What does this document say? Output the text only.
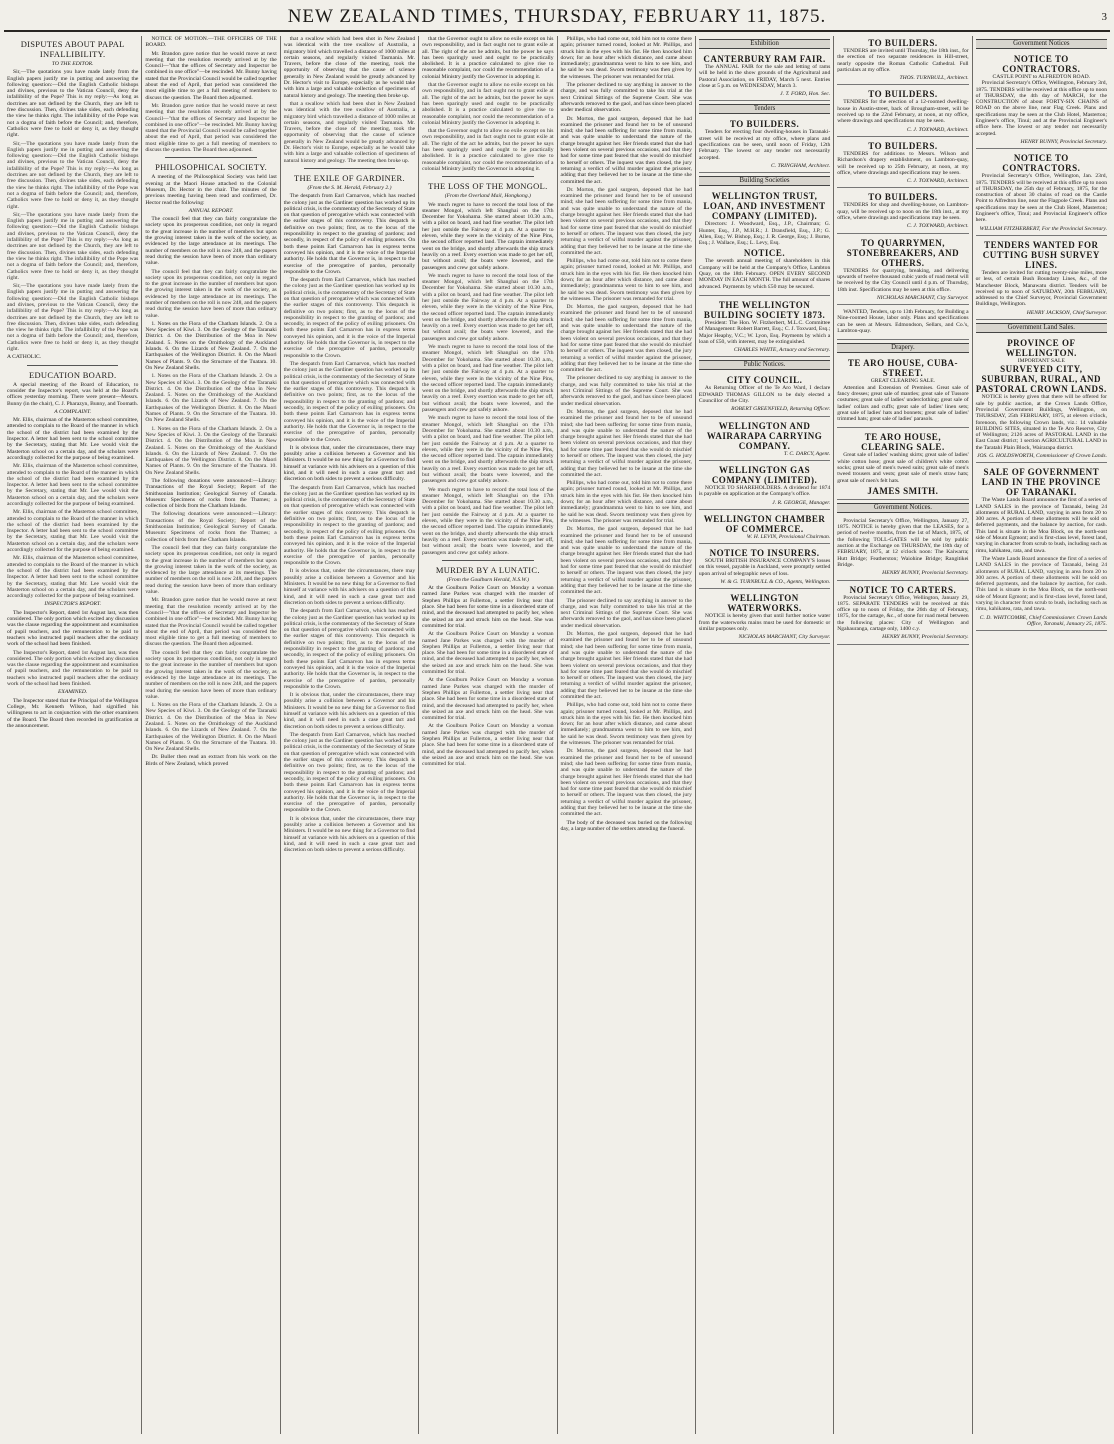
NEW ZEALAND TIMES, THURSDAY, FEBRUARY 11, 1875.	3
DISPUTES ABOUT PAPAL INFALLIBILITY.
TO THE EDITOR.

Sir,—The quotations you have made lately from the English papers justify me in putting and answering the following question:—Did the English Catholic bishops and divines, previous to the Vatican Council, deny the infallibility of the Pope? This is my reply:—As long as doctrines are not defined by the Church, they are left to free discussion. Then, divines take sides, each defending the view he thinks right. The infallibility of the Pope was not a dogma of faith before the Council; and, therefore, Catholics were free to hold or deny it, as they thought right.

Sir,—The quotations you have made lately from the English papers justify me in putting and answering the following question:—Did the English Catholic bishops and divines, previous to the Vatican Council, deny the infallibility of the Pope? This is my reply:—As long as doctrines are not defined by the Church, they are left to free discussion. Then, divines take sides, each defending the view he thinks right. The infallibility of the Pope was not a dogma of faith before the Council; and, therefore, Catholics were free to hold or deny it, as they thought right.

Sir,—The quotations you have made lately from the English papers justify me in putting and answering the following question:—Did the English Catholic bishops and divines, previous to the Vatican Council, deny the infallibility of the Pope? This is my reply:—As long as doctrines are not defined by the Church, they are left to free discussion. Then, divines take sides, each defending the view he thinks right. The infallibility of the Pope was not a dogma of faith before the Council; and, therefore, Catholics were free to hold or deny it, as they thought right.

Sir,—The quotations you have made lately from the English papers justify me in putting and answering the following question:—Did the English Catholic bishops and divines, previous to the Vatican Council, deny the infallibility of the Pope? This is my reply:—As long as doctrines are not defined by the Church, they are left to free discussion. Then, divines take sides, each defending the view he thinks right. The infallibility of the Pope was not a dogma of faith before the Council; and, therefore, Catholics were free to hold or deny it, as they thought right.

A CATHOLIC.
EDUCATION BOARD.

A special meeting of the Board of Education, to consider the Inspector's report, was held at the Board's offices yesterday morning. There were present—Messrs. Bunny (in the chair), C. J. Pharazyn, Bunny, and Toomath.

A COMPLAINT.

Mr. Ellis, chairman of the Masterton school committee, attended to complain to the Board of the manner in which the school of the district had been examined by the Inspector. A letter had been sent to the school committee by the Secretary, stating that Mr. Lee would visit the Masterton school on a certain day, and the scholars were accordingly collected for the purpose of being examined.

Mr. Ellis, chairman of the Masterton school committee, attended to complain to the Board of the manner in which the school of the district had been examined by the Inspector. A letter had been sent to the school committee by the Secretary, stating that Mr. Lee would visit the Masterton school on a certain day, and the scholars were accordingly collected for the purpose of being examined.

Mr. Ellis, chairman of the Masterton school committee, attended to complain to the Board of the manner in which the school of the district had been examined by the Inspector. A letter had been sent to the school committee by the Secretary, stating that Mr. Lee would visit the Masterton school on a certain day, and the scholars were accordingly collected for the purpose of being examined.

Mr. Ellis, chairman of the Masterton school committee, attended to complain to the Board of the manner in which the school of the district had been examined by the Inspector. A letter had been sent to the school committee by the Secretary, stating that Mr. Lee would visit the Masterton school on a certain day, and the scholars were accordingly collected for the purpose of being examined.

INSPECTOR'S REPORT.

The Inspector's Report, dated 1st August last, was then considered. The only portion which excited any discussion was the clause regarding the appointment and examination of pupil teachers, and the remuneration to be paid to teachers who instructed pupil teachers after the ordinary work of the school had been finished.

The Inspector's Report, dated 1st August last, was then considered. The only portion which excited any discussion was the clause regarding the appointment and examination of pupil teachers, and the remuneration to be paid to teachers who instructed pupil teachers after the ordinary work of the school had been finished.

EXAMINED.

The Inspector stated that the Principal of the Wellington College, Mr. Kenneth Wilson, had signified his willingness to act in conjunction with the other examiners of the Board. The Board then recorded its gratification at the announcement.

NOTICE OF MOTION.—THE OFFICERS OF THE BOARD.

Mr. Brandon gave notice that he would move at next meeting that the resolution recently arrived at by the Council—"that the offices of Secretary and Inspector be combined in one office"—be rescinded. Mr. Bunny having stated that the Provincial Council would be called together about the end of April, that period was considered the most eligible time to get a full meeting of members to discuss the question. The Board then adjourned.

Mr. Brandon gave notice that he would move at next meeting that the resolution recently arrived at by the Council—"that the offices of Secretary and Inspector be combined in one office"—be rescinded. Mr. Bunny having stated that the Provincial Council would be called together about the end of April, that period was considered the most eligible time to get a full meeting of members to discuss the question. The Board then adjourned.

PHILOSOPHICAL SOCIETY.

A meeting of the Philosophical Society was held last evening at the Maori House attached to the Colonial Museum, Dr. Hector in the chair. The minutes of the previous meeting having been read and confirmed, Dr. Hector read the following:

ANNUAL REPORT.

The council feel that they can fairly congratulate the society upon its prosperous condition, not only in regard to the great increase in the number of members but upon the growing interest taken in the work of the society, as evidenced by the large attendance at its meetings. The number of members on the roll is now 248, and the papers read during the session have been of more than ordinary value.

The council feel that they can fairly congratulate the society upon its prosperous condition, not only in regard to the great increase in the number of members but upon the growing interest taken in the work of the society, as evidenced by the large attendance at its meetings. The number of members on the roll is now 248, and the papers read during the session have been of more than ordinary value.

1. Notes on the Flora of the Chatham Islands. 2. On a New Species of Kiwi. 3. On the Geology of the Taranaki District. 4. On the Distribution of the Moa in New Zealand. 5. Notes on the Ornithology of the Auckland Islands. 6. On the Lizards of New Zealand. 7. On the Earthquakes of the Wellington District. 8. On the Maori Names of Plants. 9. On the Structure of the Tuatara. 10. On New Zealand Shells.

1. Notes on the Flora of the Chatham Islands. 2. On a New Species of Kiwi. 3. On the Geology of the Taranaki District. 4. On the Distribution of the Moa in New Zealand. 5. Notes on the Ornithology of the Auckland Islands. 6. On the Lizards of New Zealand. 7. On the Earthquakes of the Wellington District. 8. On the Maori Names of Plants. 9. On the Structure of the Tuatara. 10. On New Zealand Shells.

1. Notes on the Flora of the Chatham Islands. 2. On a New Species of Kiwi. 3. On the Geology of the Taranaki District. 4. On the Distribution of the Moa in New Zealand. 5. Notes on the Ornithology of the Auckland Islands. 6. On the Lizards of New Zealand. 7. On the Earthquakes of the Wellington District. 8. On the Maori Names of Plants. 9. On the Structure of the Tuatara. 10. On New Zealand Shells.

The following donations were announced:—Library: Transactions of the Royal Society; Report of the Smithsonian Institution; Geological Survey of Canada. Museum: Specimens of rocks from the Thames; a collection of birds from the Chatham Islands.

The following donations were announced:—Library: Transactions of the Royal Society; Report of the Smithsonian Institution; Geological Survey of Canada. Museum: Specimens of rocks from the Thames; a collection of birds from the Chatham Islands.

The council feel that they can fairly congratulate the society upon its prosperous condition, not only in regard to the great increase in the number of members but upon the growing interest taken in the work of the society, as evidenced by the large attendance at its meetings. The number of members on the roll is now 248, and the papers read during the session have been of more than ordinary value.

Mr. Brandon gave notice that he would move at next meeting that the resolution recently arrived at by the Council—"that the offices of Secretary and Inspector be combined in one office"—be rescinded. Mr. Bunny having stated that the Provincial Council would be called together about the end of April, that period was considered the most eligible time to get a full meeting of members to discuss the question. The Board then adjourned.

The council feel that they can fairly congratulate the society upon its prosperous condition, not only in regard to the great increase in the number of members but upon the growing interest taken in the work of the society, as evidenced by the large attendance at its meetings. The number of members on the roll is now 248, and the papers read during the session have been of more than ordinary value.

1. Notes on the Flora of the Chatham Islands. 2. On a New Species of Kiwi. 3. On the Geology of the Taranaki District. 4. On the Distribution of the Moa in New Zealand. 5. Notes on the Ornithology of the Auckland Islands. 6. On the Lizards of New Zealand. 7. On the Earthquakes of the Wellington District. 8. On the Maori Names of Plants. 9. On the Structure of the Tuatara. 10. On New Zealand Shells.

Dr. Buller then read an extract from his work on the Birds of New Zealand, which proved

that a swallow which had been shot in New Zealand was identical with the tree swallow of Australia, a migratory bird which travelled a distance of 1000 miles at certain seasons, and regularly visited Tasmania. Mr. Travers, before the close of the meeting, took the opportunity of observing that the cause of science generally in New Zealand would be greatly advanced by Dr. Hector's visit to Europe, especially as he would take with him a large and valuable collection of specimens of natural history and geology. The meeting then broke up.

that a swallow which had been shot in New Zealand was identical with the tree swallow of Australia, a migratory bird which travelled a distance of 1000 miles at certain seasons, and regularly visited Tasmania. Mr. Travers, before the close of the meeting, took the opportunity of observing that the cause of science generally in New Zealand would be greatly advanced by Dr. Hector's visit to Europe, especially as he would take with him a large and valuable collection of specimens of natural history and geology. The meeting then broke up.

THE EXILE OF GARDINER.
(From the S. M. Herald, February 2.)

The despatch from Earl Carnarvon, which has reached the colony just as the Gardiner question has worked up its political crisis, is the commentary of the Secretary of State on that question of prerogative which was connected with the earlier stages of this controversy. This despatch is definitive on two points; first, as to the locus of the responsibility in respect to the granting of pardons; and secondly, in respect of the policy of exiling prisoners. On both these points Earl Carnarvon has in express terms conveyed his opinion, and it is the voice of the Imperial authority. He holds that the Governor is, in respect to the exercise of the prerogative of pardon, personally responsible to the Crown.

The despatch from Earl Carnarvon, which has reached the colony just as the Gardiner question has worked up its political crisis, is the commentary of the Secretary of State on that question of prerogative which was connected with the earlier stages of this controversy. This despatch is definitive on two points; first, as to the locus of the responsibility in respect to the granting of pardons; and secondly, in respect of the policy of exiling prisoners. On both these points Earl Carnarvon has in express terms conveyed his opinion, and it is the voice of the Imperial authority. He holds that the Governor is, in respect to the exercise of the prerogative of pardon, personally responsible to the Crown.

The despatch from Earl Carnarvon, which has reached the colony just as the Gardiner question has worked up its political crisis, is the commentary of the Secretary of State on that question of prerogative which was connected with the earlier stages of this controversy. This despatch is definitive on two points; first, as to the locus of the responsibility in respect to the granting of pardons; and secondly, in respect of the policy of exiling prisoners. On both these points Earl Carnarvon has in express terms conveyed his opinion, and it is the voice of the Imperial authority. He holds that the Governor is, in respect to the exercise of the prerogative of pardon, personally responsible to the Crown.

It is obvious that, under the circumstances, there may possibly arise a collision between a Governor and his Ministers. It would be no new thing for a Governor to find himself at variance with his advisers on a question of this kind, and it will need in such a case great tact and discretion on both sides to prevent a serious difficulty.

The despatch from Earl Carnarvon, which has reached the colony just as the Gardiner question has worked up its political crisis, is the commentary of the Secretary of State on that question of prerogative which was connected with the earlier stages of this controversy. This despatch is definitive on two points; first, as to the locus of the responsibility in respect to the granting of pardons; and secondly, in respect of the policy of exiling prisoners. On both these points Earl Carnarvon has in express terms conveyed his opinion, and it is the voice of the Imperial authority. He holds that the Governor is, in respect to the exercise of the prerogative of pardon, personally responsible to the Crown.

It is obvious that, under the circumstances, there may possibly arise a collision between a Governor and his Ministers. It would be no new thing for a Governor to find himself at variance with his advisers on a question of this kind, and it will need in such a case great tact and discretion on both sides to prevent a serious difficulty.

The despatch from Earl Carnarvon, which has reached the colony just as the Gardiner question has worked up its political crisis, is the commentary of the Secretary of State on that question of prerogative which was connected with the earlier stages of this controversy. This despatch is definitive on two points; first, as to the locus of the responsibility in respect to the granting of pardons; and secondly, in respect of the policy of exiling prisoners. On both these points Earl Carnarvon has in express terms conveyed his opinion, and it is the voice of the Imperial authority. He holds that the Governor is, in respect to the exercise of the prerogative of pardon, personally responsible to the Crown.

It is obvious that, under the circumstances, there may possibly arise a collision between a Governor and his Ministers. It would be no new thing for a Governor to find himself at variance with his advisers on a question of this kind, and it will need in such a case great tact and discretion on both sides to prevent a serious difficulty.

The despatch from Earl Carnarvon, which has reached the colony just as the Gardiner question has worked up its political crisis, is the commentary of the Secretary of State on that question of prerogative which was connected with the earlier stages of this controversy. This despatch is definitive on two points; first, as to the locus of the responsibility in respect to the granting of pardons; and secondly, in respect of the policy of exiling prisoners. On both these points Earl Carnarvon has in express terms conveyed his opinion, and it is the voice of the Imperial authority. He holds that the Governor is, in respect to the exercise of the prerogative of pardon, personally responsible to the Crown.

It is obvious that, under the circumstances, there may possibly arise a collision between a Governor and his Ministers. It would be no new thing for a Governor to find himself at variance with his advisers on a question of this kind, and it will need in such a case great tact and discretion on both sides to prevent a serious difficulty.

that the Governor ought to allow no exile except on his own responsibility, and in fact ought not to grant exile at all. The right of the act he admits, but the power he says has been sparingly used and ought to be practically abolished. It is a practice calculated to give rise to reasonable complaint, nor could the recommendation of a colonial Ministry justify the Governor in adopting it.

that the Governor ought to allow no exile except on his own responsibility, and in fact ought not to grant exile at all. The right of the act he admits, but the power he says has been sparingly used and ought to be practically abolished. It is a practice calculated to give rise to reasonable complaint, nor could the recommendation of a colonial Ministry justify the Governor in adopting it.

that the Governor ought to allow no exile except on his own responsibility, and in fact ought not to grant exile at all. The right of the act he admits, but the power he says has been sparingly used and ought to be practically abolished. It is a practice calculated to give rise to reasonable complaint, nor could the recommendation of a colonial Ministry justify the Governor in adopting it.

THE LOSS OF THE MONGOL.
(From the Overland Mail, Hongkong.)

We much regret to have to record the total loss of the steamer Mongol, which left Shanghai on the 17th December for Yokohama. She started about 10.30 a.m., with a pilot on board, and had fine weather. The pilot left her just outside the Fairway at 4 p.m. At a quarter to eleven, while they were in the vicinity of the Nine Pins, the second officer reported land. The captain immediately went on the bridge, and shortly afterwards the ship struck heavily on a reef. Every exertion was made to get her off, but without avail; the boats were lowered, and the passengers and crew got safely ashore.

We much regret to have to record the total loss of the steamer Mongol, which left Shanghai on the 17th December for Yokohama. She started about 10.30 a.m., with a pilot on board, and had fine weather. The pilot left her just outside the Fairway at 4 p.m. At a quarter to eleven, while they were in the vicinity of the Nine Pins, the second officer reported land. The captain immediately went on the bridge, and shortly afterwards the ship struck heavily on a reef. Every exertion was made to get her off, but without avail; the boats were lowered, and the passengers and crew got safely ashore.

We much regret to have to record the total loss of the steamer Mongol, which left Shanghai on the 17th December for Yokohama. She started about 10.30 a.m., with a pilot on board, and had fine weather. The pilot left her just outside the Fairway at 4 p.m. At a quarter to eleven, while they were in the vicinity of the Nine Pins, the second officer reported land. The captain immediately went on the bridge, and shortly afterwards the ship struck heavily on a reef. Every exertion was made to get her off, but without avail; the boats were lowered, and the passengers and crew got safely ashore.

We much regret to have to record the total loss of the steamer Mongol, which left Shanghai on the 17th December for Yokohama. She started about 10.30 a.m., with a pilot on board, and had fine weather. The pilot left her just outside the Fairway at 4 p.m. At a quarter to eleven, while they were in the vicinity of the Nine Pins, the second officer reported land. The captain immediately went on the bridge, and shortly afterwards the ship struck heavily on a reef. Every exertion was made to get her off, but without avail; the boats were lowered, and the passengers and crew got safely ashore.

We much regret to have to record the total loss of the steamer Mongol, which left Shanghai on the 17th December for Yokohama. She started about 10.30 a.m., with a pilot on board, and had fine weather. The pilot left her just outside the Fairway at 4 p.m. At a quarter to eleven, while they were in the vicinity of the Nine Pins, the second officer reported land. The captain immediately went on the bridge, and shortly afterwards the ship struck heavily on a reef. Every exertion was made to get her off, but without avail; the boats were lowered, and the passengers and crew got safely ashore.

MURDER BY A LUNATIC.
(From the Goulburn Herald, N.S.W.)

At the Goulburn Police Court on Monday a woman named Jane Parkes was charged with the murder of Stephen Phillips at Fullerton, a settler living near that place. She had been for some time in a disordered state of mind, and the deceased had attempted to pacify her, when she seized an axe and struck him on the head. She was committed for trial.

At the Goulburn Police Court on Monday a woman named Jane Parkes was charged with the murder of Stephen Phillips at Fullerton, a settler living near that place. She had been for some time in a disordered state of mind, and the deceased had attempted to pacify her, when she seized an axe and struck him on the head. She was committed for trial.

At the Goulburn Police Court on Monday a woman named Jane Parkes was charged with the murder of Stephen Phillips at Fullerton, a settler living near that place. She had been for some time in a disordered state of mind, and the deceased had attempted to pacify her, when she seized an axe and struck him on the head. She was committed for trial.

At the Goulburn Police Court on Monday a woman named Jane Parkes was charged with the murder of Stephen Phillips at Fullerton, a settler living near that place. She had been for some time in a disordered state of mind, and the deceased had attempted to pacify her, when she seized an axe and struck him on the head. She was committed for trial.

Phillips, who had come out, told him not to come there again; prisoner turned round, looked at Mr. Phillips, and struck him in the eyes with his fist. He then knocked him down; for an hour after which distance, and came about immediately; grandmamma went to him to see him, and he said he was dead. Sworn testimony was then given by the witnesses. The prisoner was remanded for trial.

The prisoner declined to say anything in answer to the charge, and was fully committed to take his trial at the next Criminal Sittings of the Supreme Court. She was afterwards removed to the gaol, and has since been placed under medical observation.

Dr. Morton, the gaol surgeon, deposed that he had examined the prisoner and found her to be of unsound mind; she had been suffering for some time from mania, and was quite unable to understand the nature of the charge brought against her. Her friends stated that she had been violent on several previous occasions, and that they had for some time past feared that she would do mischief to herself or others. The inquest was then closed, the jury returning a verdict of wilful murder against the prisoner, adding that they believed her to be insane at the time she committed the act.

Dr. Morton, the gaol surgeon, deposed that he had examined the prisoner and found her to be of unsound mind; she had been suffering for some time from mania, and was quite unable to understand the nature of the charge brought against her. Her friends stated that she had been violent on several previous occasions, and that they had for some time past feared that she would do mischief to herself or others. The inquest was then closed, the jury returning a verdict of wilful murder against the prisoner, adding that they believed her to be insane at the time she committed the act.

Phillips, who had come out, told him not to come there again; prisoner turned round, looked at Mr. Phillips, and struck him in the eyes with his fist. He then knocked him down; for an hour after which distance, and came about immediately; grandmamma went to him to see him, and he said he was dead. Sworn testimony was then given by the witnesses. The prisoner was remanded for trial.

Dr. Morton, the gaol surgeon, deposed that he had examined the prisoner and found her to be of unsound mind; she had been suffering for some time from mania, and was quite unable to understand the nature of the charge brought against her. Her friends stated that she had been violent on several previous occasions, and that they had for some time past feared that she would do mischief to herself or others. The inquest was then closed, the jury returning a verdict of wilful murder against the prisoner, adding that they believed her to be insane at the time she committed the act.

The prisoner declined to say anything in answer to the charge, and was fully committed to take his trial at the next Criminal Sittings of the Supreme Court. She was afterwards removed to the gaol, and has since been placed under medical observation.

Dr. Morton, the gaol surgeon, deposed that he had examined the prisoner and found her to be of unsound mind; she had been suffering for some time from mania, and was quite unable to understand the nature of the charge brought against her. Her friends stated that she had been violent on several previous occasions, and that they had for some time past feared that she would do mischief to herself or others. The inquest was then closed, the jury returning a verdict of wilful murder against the prisoner, adding that they believed her to be insane at the time she committed the act.

Phillips, who had come out, told him not to come there again; prisoner turned round, looked at Mr. Phillips, and struck him in the eyes with his fist. He then knocked him down; for an hour after which distance, and came about immediately; grandmamma went to him to see him, and he said he was dead. Sworn testimony was then given by the witnesses. The prisoner was remanded for trial.

Dr. Morton, the gaol surgeon, deposed that he had examined the prisoner and found her to be of unsound mind; she had been suffering for some time from mania, and was quite unable to understand the nature of the charge brought against her. Her friends stated that she had been violent on several previous occasions, and that they had for some time past feared that she would do mischief to herself or others. The inquest was then closed, the jury returning a verdict of wilful murder against the prisoner, adding that they believed her to be insane at the time she committed the act.

The prisoner declined to say anything in answer to the charge, and was fully committed to take his trial at the next Criminal Sittings of the Supreme Court. She was afterwards removed to the gaol, and has since been placed under medical observation.

Dr. Morton, the gaol surgeon, deposed that he had examined the prisoner and found her to be of unsound mind; she had been suffering for some time from mania, and was quite unable to understand the nature of the charge brought against her. Her friends stated that she had been violent on several previous occasions, and that they had for some time past feared that she would do mischief to herself or others. The inquest was then closed, the jury returning a verdict of wilful murder against the prisoner, adding that they believed her to be insane at the time she committed the act.

Phillips, who had come out, told him not to come there again; prisoner turned round, looked at Mr. Phillips, and struck him in the eyes with his fist. He then knocked him down; for an hour after which distance, and came about immediately; grandmamma went to him to see him, and he said he was dead. Sworn testimony was then given by the witnesses. The prisoner was remanded for trial.

Dr. Morton, the gaol surgeon, deposed that he had examined the prisoner and found her to be of unsound mind; she had been suffering for some time from mania, and was quite unable to understand the nature of the charge brought against her. Her friends stated that she had been violent on several previous occasions, and that they had for some time past feared that she would do mischief to herself or others. The inquest was then closed, the jury returning a verdict of wilful murder against the prisoner, adding that they believed her to be insane at the time she committed the act.

The body of the deceased was buried on the following day, a large number of the settlers attending the funeral.

Exhibition
CANTERBURY RAM FAIR.

The ANNUAL FAIR for the sale and letting of rams will be held in the show grounds of the Agricultural and Pastoral Association, on FRIDAY, March 5 next. Entries close at 5 p.m. on WEDNESDAY, March 3.

J. T. FORD, Hon. Sec.
Tenders
TO BUILDERS.

Tenders for erecting four dwelling-houses in Taranaki-street will be received at my office, where plans and specifications can be seen, until noon of Friday, 12th February. The lowest or any tender not necessarily accepted.

C. TRINGHAM, Architect.
Building Societies
WELLINGTON TRUST, LOAN, AND INVESTMENT COMPANY (LIMITED).

Directors: J. Woodward, Esq., J.P., Chairman; G. Hunter, Esq., J.P., M.H.R.; J. Dransfield, Esq., J.P.; G. Allen, Esq.; W. Bishop, Esq.; J. R. George, Esq.; J. Burne, Esq.; J. Wallace, Esq.; L. Levy, Esq.

NOTICE.

The seventh annual meeting of shareholders in this Company will be held at the Company's Office, Lambton Quay, on the 18th February. OPEN EVERY SECOND MONDAY IN EACH MONTH. The full amount of shares advanced. Payments by which £50 may be secured.

THE WELLINGTON BUILDING SOCIETY 1873.

President: The Hon. W. Fitzherbert, M.L.C. Committee of Management: Robert Barrett, Esq.; C. J. Toxward, Esq.; Major Heaphy, V.C.; W. Lyon, Esq. Payments by which a loan of £50, with interest, may be extinguished.

CHARLES WHITE, Actuary and Secretary.
Public Notices.
CITY COUNCIL.

As Returning Officer of the Te Aro Ward, I declare EDWARD THOMAS GILLON to be duly elected a Councillor of the City.

ROBERT GREENFIELD, Returning Officer.
WELLINGTON AND WAIRARAPA CARRYING COMPANY.
T. C. DARCY, Agent.
WELLINGTON GAS COMPANY (LIMITED).

NOTICE TO SHAREHOLDERS. A dividend for 1874 is payable on application at the Company's office.

J. R. GEORGE, Manager.
WELLINGTON CHAMBER OF COMMERCE.
W. H. LEVIN, Provisional Chairman.
NOTICE TO INSURERS.

SOUTH BRITISH INSURANCE COMPANY'S losses on this vessel, payable in Auckland, were promptly settled upon arrival of telegraphic news of loss.

W. & G. TURNBULL & CO., Agents, Wellington.
WELLINGTON WATERWORKS.

NOTICE is hereby given that until further notice water from the waterworks mains must be used for domestic or similar purposes only.

NICHOLAS MARCHANT, City Surveyor.
TO BUILDERS.

TENDERS are invited until Thursday, the 18th inst., for the erection of two separate residences in Hill-street, nearly opposite the Roman Catholic Cathedral. Full particulars at my office.

THOS. TURNBULL, Architect.
TO BUILDERS.

TENDERS for the erection of a 12-roomed dwelling-house in Austin-street, back of Brougham-street, will be received up to the 22nd February, at noon, at my office, where drawings and specifications may be seen.

C. J. TOXWARD, Architect.
TO BUILDERS.

TENDERS for additions to Messrs. Wilson and Richardson's drapery establishment, on Lambton-quay, will be received up to 25th February, at noon, at my office, where drawings and specifications may be seen.

C. J. TOXWARD, Architect.
TO BUILDERS.

TENDERS for shop and dwelling-house, on Lambton-quay, will be received up to noon on the 18th inst., at my office, where drawings and specifications may be seen.

C. J. TOXWARD, Architect.
TO QUARRYMEN, STONEBREAKERS, AND OTHERS.

TENDERS for quarrying, breaking, and delivering upwards of twelve thousand cubic yards of road metal will be received by the City Council until 4 p.m. of Thursday, 18th inst. Specifications may be seen at this office.

NICHOLAS MARCHANT, City Surveyor.

WANTED, Tenders, up to 13th February, for Building a Nine-roomed House, labor only. Plans and specifications can be seen at Messrs. Edmondson, Sellars, and Co.'s, Lambton-quay.

Drapery.
TE ARO HOUSE, CUBA-STREET.
GREAT CLEARING SALE.

Attention and Extension of Premises. Great sale of fancy dresses; great sale of mantles; great sale of Tussore costumes; great sale of ladies' underclothing; great sale of ladies' collars and cuffs; great sale of ladies' linen sets; great sale of ladies' hats and bonnets; great sale of ladies' trimmed hats; great sale of ladies' parasols.

TE ARO HOUSE, CLEARING SALE.

Great sale of ladies' washing skirts; great sale of ladies' white cotton hose; great sale of children's white cotton socks; great sale of men's tweed suits; great sale of men's tweed trousers and vests; great sale of men's straw hats; great sale of men's felt hats.

JAMES SMITH.
Government Notices.

Provincial Secretary's Office, Wellington, January 27, 1875. NOTICE is hereby given that the LEASES, for a period of twelve months, from the 1st of March, 1875, of the following TOLL-GATES will be sold by public auction at the Exchange on THURSDAY, the 18th day of FEBRUARY, 1875, at 12 o'clock noon: The Kaiwarra; Hutt Bridge; Featherston; Waiohine Bridge; Rangitikei Bridge.

HENRY BUNNY, Provincial Secretary.
NOTICE TO CARTERS.

Provincial Secretary's Office, Wellington, January 29, 1875. SEPARATE TENDERS will be received at this office up to noon of Friday, the 26th day of February, 1875, for the cartage, &c., of stone for road metal between the following places: City of Wellington and Ngahauranga, cartage only, 1400 c.y.

HENRY BUNNY, Provincial Secretary.
Government Notices
NOTICE TO CONTRACTORS.
CASTLE POINT to ALFREDTON ROAD.

Provincial Secretary's Office, Wellington, February 3rd, 1875. TENDERS will be received at this office up to noon of THURSDAY, the 4th day of MARCH, for the CONSTRUCTION of about FORTY-SIX CHAINS of ROAD on the above line, near Flag Creek. Plans and specifications may be seen at the Club Hotel, Masterton; Engineer's office, Tinui; and at the Provincial Engineer's office here. The lowest or any tender not necessarily accepted.

HENRY BUNNY, Provincial Secretary.
NOTICE TO CONTRACTORS.

Provincial Secretary's Office, Wellington, Jan. 23rd, 1875. TENDERS will be received at this office up to noon of THURSDAY, the 25th day of February, 1875, for the construction of about 30 chains of road on the Castle Point to Alfredton line, near the Flagpole Creek. Plans and specifications may be seen at the Club Hotel, Masterton; Engineer's office, Tinui; and Provincial Engineer's office here.

WILLIAM FITZHERBERT, For the Provincial Secretary.
TENDERS WANTED FOR CUTTING BUSH SURVEY LINES.

Tenders are invited for cutting twenty-nine miles, more or less, of certain Bush Boundary Lines, &c., of the Manchester Block, Manawatu district. Tenders will be received up to noon of SATURDAY, 20th FEBRUARY, addressed to the Chief Surveyor, Provincial Government Buildings, Wellington.

HENRY JACKSON, Chief Surveyor.
Government Land Sales.
PROVINCE OF WELLINGTON.
IMPORTANT SALE
SURVEYED CITY, SUBURBAN, RURAL, AND PASTORAL CROWN LANDS.

NOTICE is hereby given that there will be offered for sale by public auction, at the Crown Lands Office, Provincial Government Buildings, Wellington, on THURSDAY, 25th FEBRUARY, 1875, at eleven o'clock, forenoon, the following Crown lands, viz.: 14 valuable BUILDING SITES, situated in the Te Aro Reserve, City of Wellington; 2126 acres of PASTORAL LAND in the East Coast district; 1 section AGRICULTURAL LAND in the Taratahi Plain Block, Wairarapa district.

JOS. G. HOLDSWORTH, Commissioner of Crown Lands.
SALE OF GOVERNMENT LAND IN THE PROVINCE OF TARANAKI.

The Waste Lands Board announce the first of a series of LAND SALES in the province of Taranaki, being 24 allotments of RURAL LAND, varying in area from 20 to 300 acres. A portion of these allotments will be sold on deferred payments, and the balance by auction, for cash. This land is situate in the Moa Block, on the north-east side of Mount Egmont; and is first-class level, forest land, varying in character from scrub to bush, including such as rimu, kahikatea, rata, and tawa.

The Waste Lands Board announce the first of a series of LAND SALES in the province of Taranaki, being 24 allotments of RURAL LAND, varying in area from 20 to 300 acres. A portion of these allotments will be sold on deferred payments, and the balance by auction, for cash. This land is situate in the Moa Block, on the north-east side of Mount Egmont; and is first-class level, forest land, varying in character from scrub to bush, including such as rimu, kahikatea, rata, and tawa.

C. D. WHITCOMBE, Chief Commissioner. Crown Lands Office, Taranaki, January 25, 1875.
